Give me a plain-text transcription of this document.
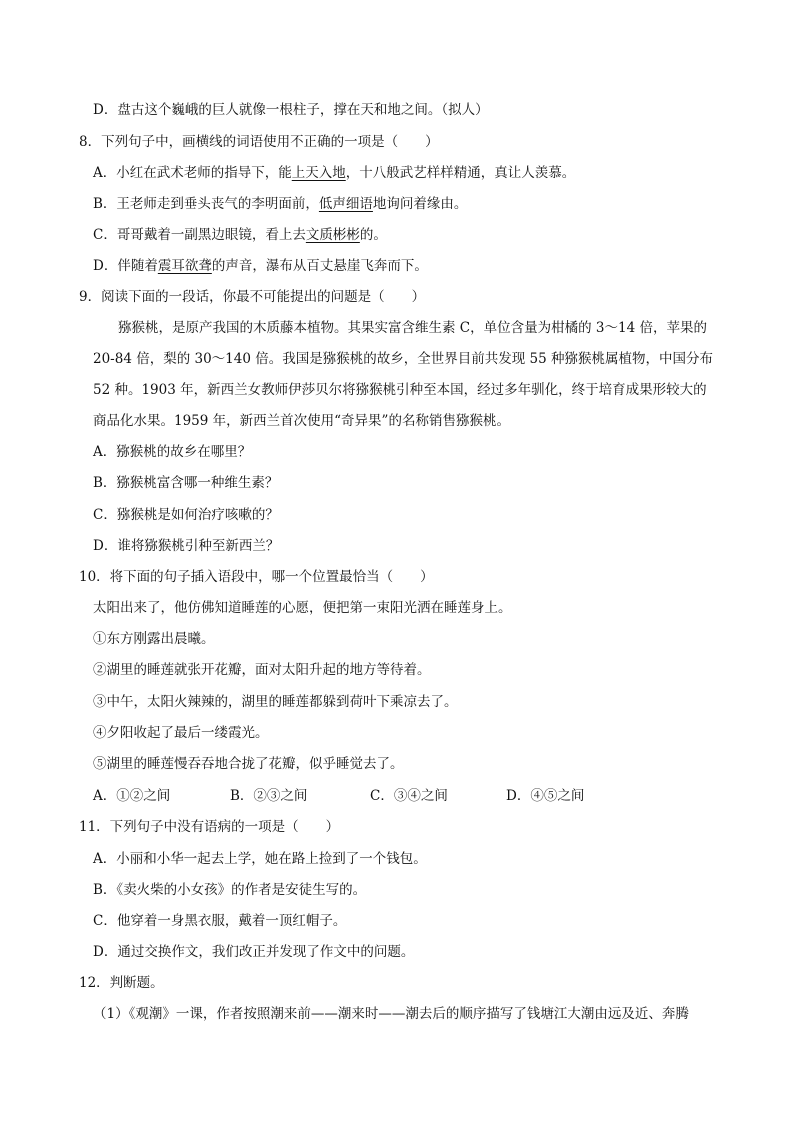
D．盘古这个巍峨的巨人就像一根柱子，撑在天和地之间。（拟人）
8．下列句子中，画横线的词语使用不正确的一项是（　　）
A．小红在武术老师的指导下，能上天入地，十八般武艺样样精通，真让人羡慕。
B．王老师走到垂头丧气的李明面前，低声细语地询问着缘由。
C．哥哥戴着一副黑边眼镜，看上去文质彬彬的。
D．伴随着震耳欲聋的声音，瀑布从百丈悬崖飞奔而下。
9．阅读下面的一段话，你最不可能提出的问题是（　　）
猕猴桃，是原产我国的木质藤本植物。其果实富含维生素 C，单位含量为柑橘的 3～14 倍，苹果的
20-84 倍，梨的 30～140 倍。我国是猕猴桃的故乡，全世界目前共发现 55 种猕猴桃属植物，中国分布
52 种。1903 年，新西兰女教师伊莎贝尔将猕猴桃引种至本国，经过多年驯化，终于培育成果形较大的
商品化水果。1959 年，新西兰首次使用“奇异果”的名称销售猕猴桃。
A．猕猴桃的故乡在哪里？
B．猕猴桃富含哪一种维生素？
C．猕猴桃是如何治疗咳嗽的？
D．谁将猕猴桃引种至新西兰？
10．将下面的句子插入语段中，哪一个位置最恰当（　　）
太阳出来了，他仿佛知道睡莲的心愿，便把第一束阳光洒在睡莲身上。
①东方刚露出晨曦。
②湖里的睡莲就张开花瓣，面对太阳升起的地方等待着。
③中午，太阳火辣辣的，湖里的睡莲都躲到荷叶下乘凉去了。
④夕阳收起了最后一缕霞光。
⑤湖里的睡莲慢吞吞地合拢了花瓣，似乎睡觉去了。
A．①②之间	B．②③之间	C．③④之间	D．④⑤之间
11．下列句子中没有语病的一项是（　　）
A．小丽和小华一起去上学，她在路上捡到了一个钱包。
B．《卖火柴的小女孩》的作者是安徒生写的。
C．他穿着一身黑衣服，戴着一顶红帽子。
D．通过交换作文，我们改正并发现了作文中的问题。
12．判断题。
（1）《观潮》一课，作者按照潮来前——潮来时——潮去后的顺序描写了钱塘江大潮由远及近、奔腾
